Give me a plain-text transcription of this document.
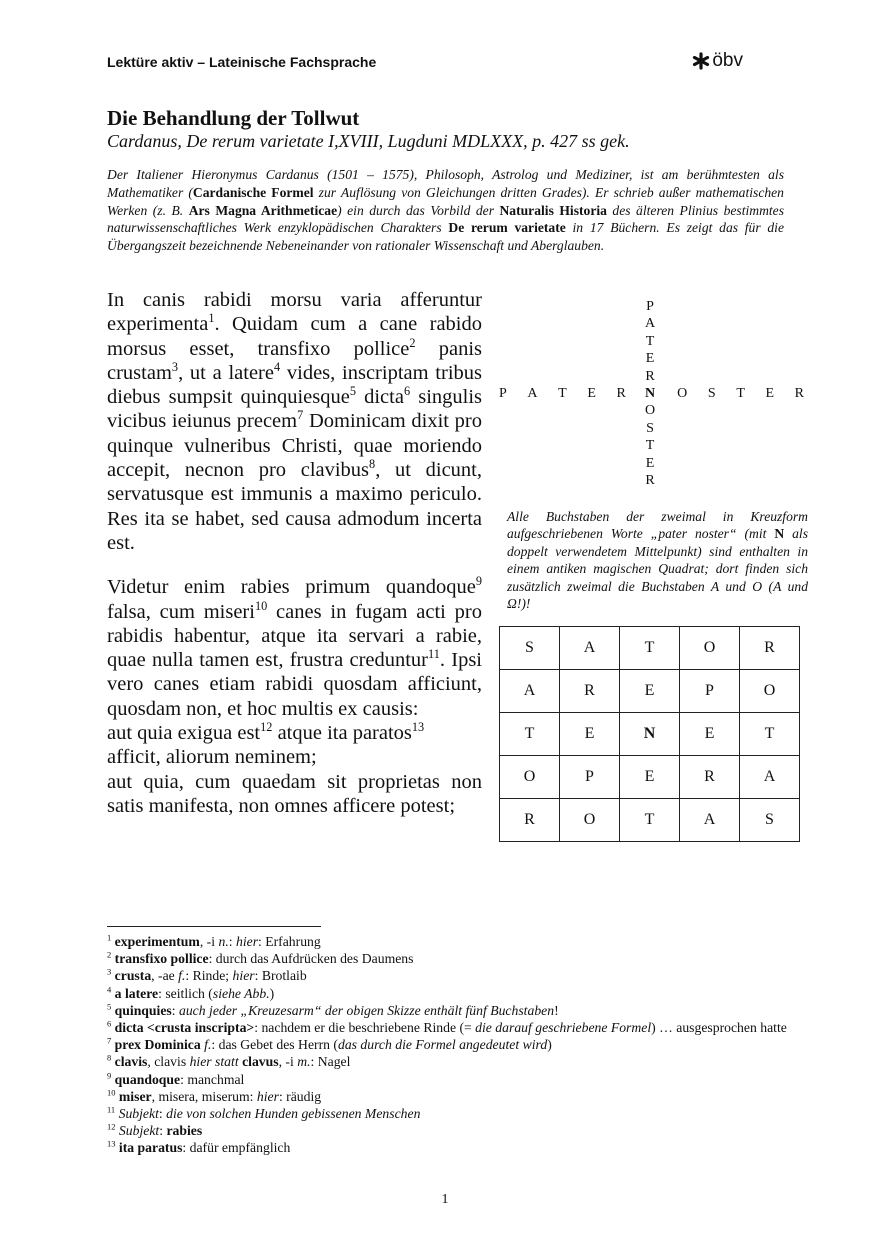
Lektüre aktiv – Lateinische Fachsprache	öbv
Die Behandlung der Tollwut
Cardanus, De rerum varietate I,XVIII, Lugduni MDLXXX, p. 427 ss gek.
Der Italiener Hieronymus Cardanus (1501 – 1575), Philosoph, Astrolog und Mediziner, ist am berühmtesten als Mathematiker (Cardanische Formel zur Auflösung von Gleichungen dritten Grades). Er schrieb außer mathematischen Werken (z. B. Ars Magna Arithmeticae) ein durch das Vorbild der Naturalis Historia des älteren Plinius bestimmtes naturwissenschaftliches Werk enzyklopädischen Charakters De rerum varietate in 17 Büchern. Es zeigt das für die Übergangszeit bezeichnende Nebeneinander von rationaler Wissenschaft und Aberglauben.

In canis rabidi morsu varia afferuntur experimenta$^1$. Quidam cum a cane rabido morsus esset, transfixo pollice$^2$ panis crustam$^3$, ut a latere$^4$ vides, inscriptam tribus diebus sumpsit quinquiesque$^5$ dicta$^6$ singulis vicibus ieiunus precem$^7$ Dominicam dixit pro quinque vulneribus Christi, quae moriendo accepit, necnon pro clavibus$^8$, ut dicunt, servatusque est immunis a maximo periculo. Res ita se habet, sed causa admodum incerta est.

Videtur enim rabies primum quandoque$^9$ falsa, cum miseri$^{10}$ canes in fugam acti pro rabidis habentur, atque ita servari a rabie, quae nulla tamen est, frustra creduntur$^{11}$. Ipsi vero canes etiam rabidi quosdam afficiunt, quosdam non, et hoc multis ex causis:

aut quia exigua est$^{12}$ atque ita paratos$^{13}$ afficit, aliorum neminem;

aut quia, cum quaedam sit proprietas non satis manifesta, non omnes afficere potest;

P
A
T
E
R
N
O
S
T
E
R
P A T E R	O S T E R
Alle Buchstaben der zweimal in Kreuzform aufgeschriebenen Worte „pater noster“ (mit N als doppelt verwendetem Mittelpunkt) sind enthalten in einem antiken magischen Quadrat; dort finden sich zusätzlich zweimal die Buchstaben A und O (A und Ω!)!
S	A	T	O	R
A	R	E	P	O
T	E	N	E	T
O	P	E	R	A
R	O	T	A	S
$^1$ experimentum, -i n.: hier: Erfahrung
$^2$ transfixo pollice: durch das Aufdrücken des Daumens
$^3$ crusta, -ae f.: Rinde; hier: Brotlaib
$^4$ a latere: seitlich (siehe Abb.)
$^5$ quinquies: auch jeder „Kreuzesarm“ der obigen Skizze enthält fünf Buchstaben!
$^6$ dicta <crusta inscripta>: nachdem er die beschriebene Rinde (= die darauf geschriebene Formel) … ausgesprochen hatte
$^7$ prex Dominica f.: das Gebet des Herrn (das durch die Formel angedeutet wird)
$^8$ clavis, clavis hier statt clavus, -i m.: Nagel
$^9$ quandoque: manchmal
$^{10}$ miser, misera, miserum: hier: räudig
$^{11}$ Subjekt: die von solchen Hunden gebissenen Menschen
$^{12}$ Subjekt: rabies
$^{13}$ ita paratus: dafür empfänglich
1
